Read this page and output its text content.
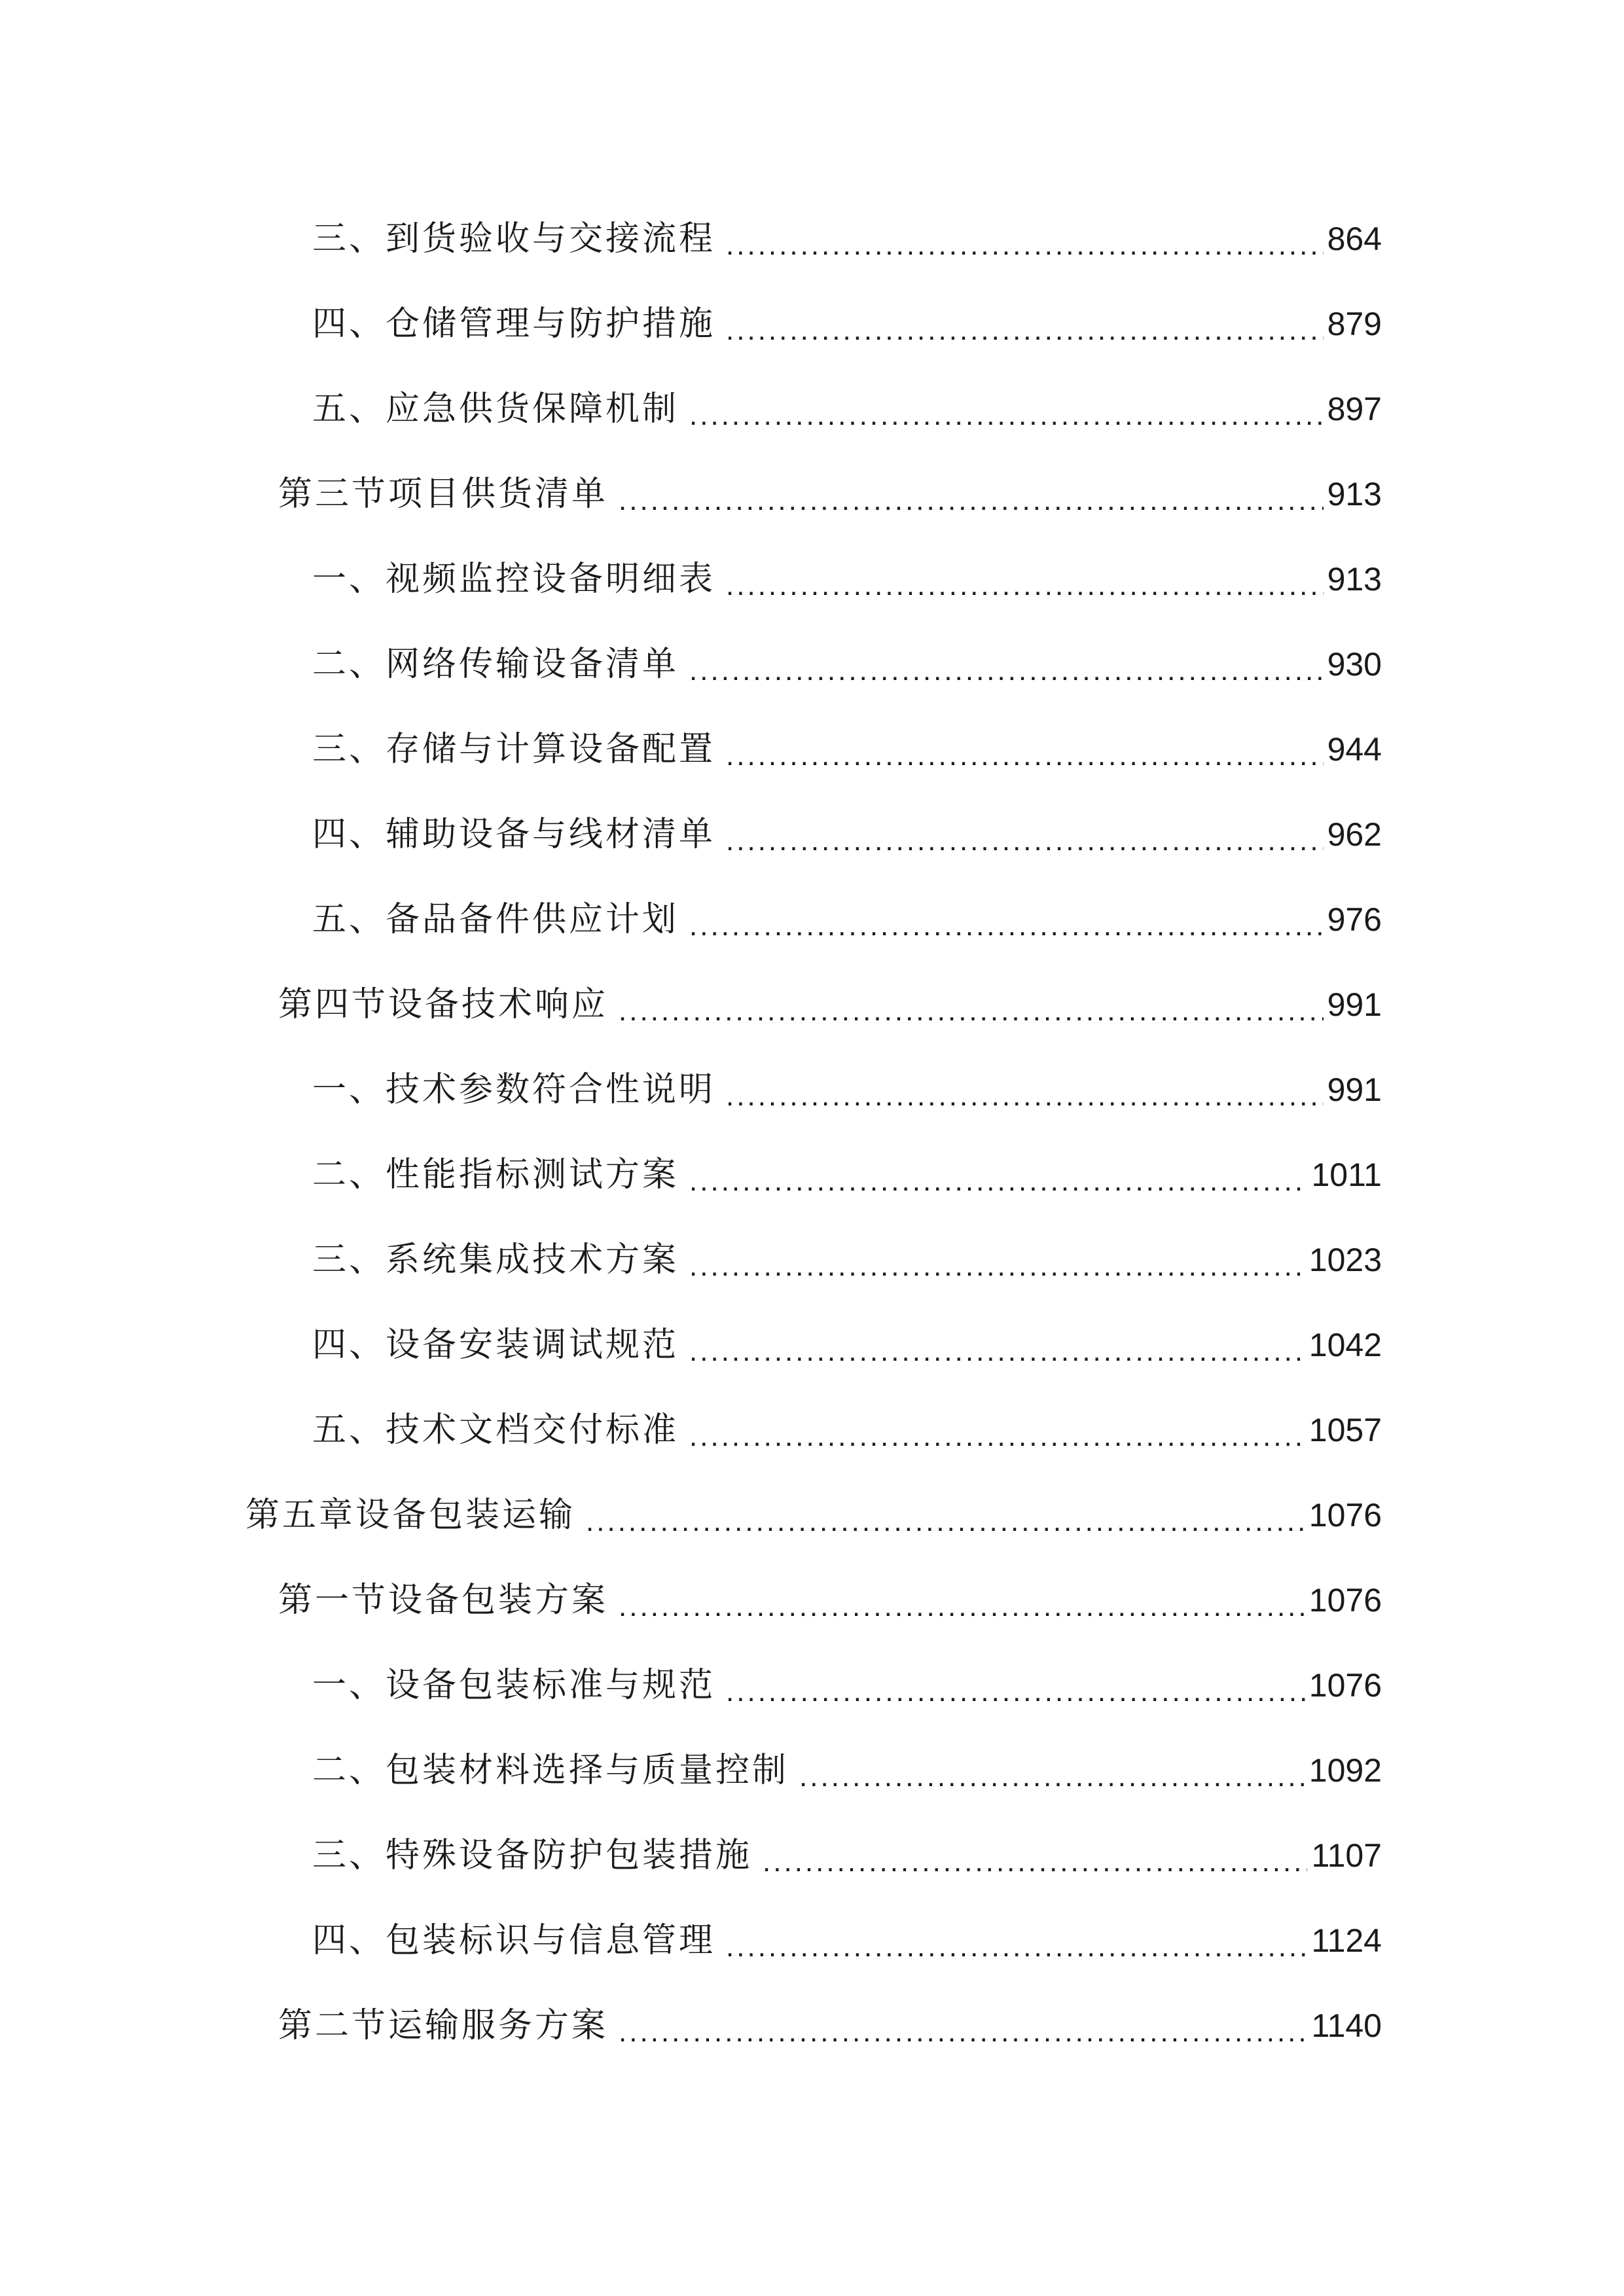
三、到货验收与交接流程 .....	864
四、仓储管理与防护措施 .....	879
五、应急供货保障机制 .....	897
第三节项目供货清单 .....	913
一、视频监控设备明细表 .....	913
二、网络传输设备清单 .....	930
三、存储与计算设备配置 .....	944
四、辅助设备与线材清单 .....	962
五、备品备件供应计划 .....	976
第四节设备技术响应 .....	991
一、技术参数符合性说明 .....	991
二、性能指标测试方案 .....	1011
三、系统集成技术方案 .....	1023
四、设备安装调试规范 .....	1042
五、技术文档交付标准 .....	1057
第五章设备包装运输 .....	1076
第一节设备包装方案 .....	1076
一、设备包装标准与规范 .....	1076
二、包装材料选择与质量控制 .....	1092
三、特殊设备防护包装措施 .....	1107
四、包装标识与信息管理 .....	1124
第二节运输服务方案 .....	1140
